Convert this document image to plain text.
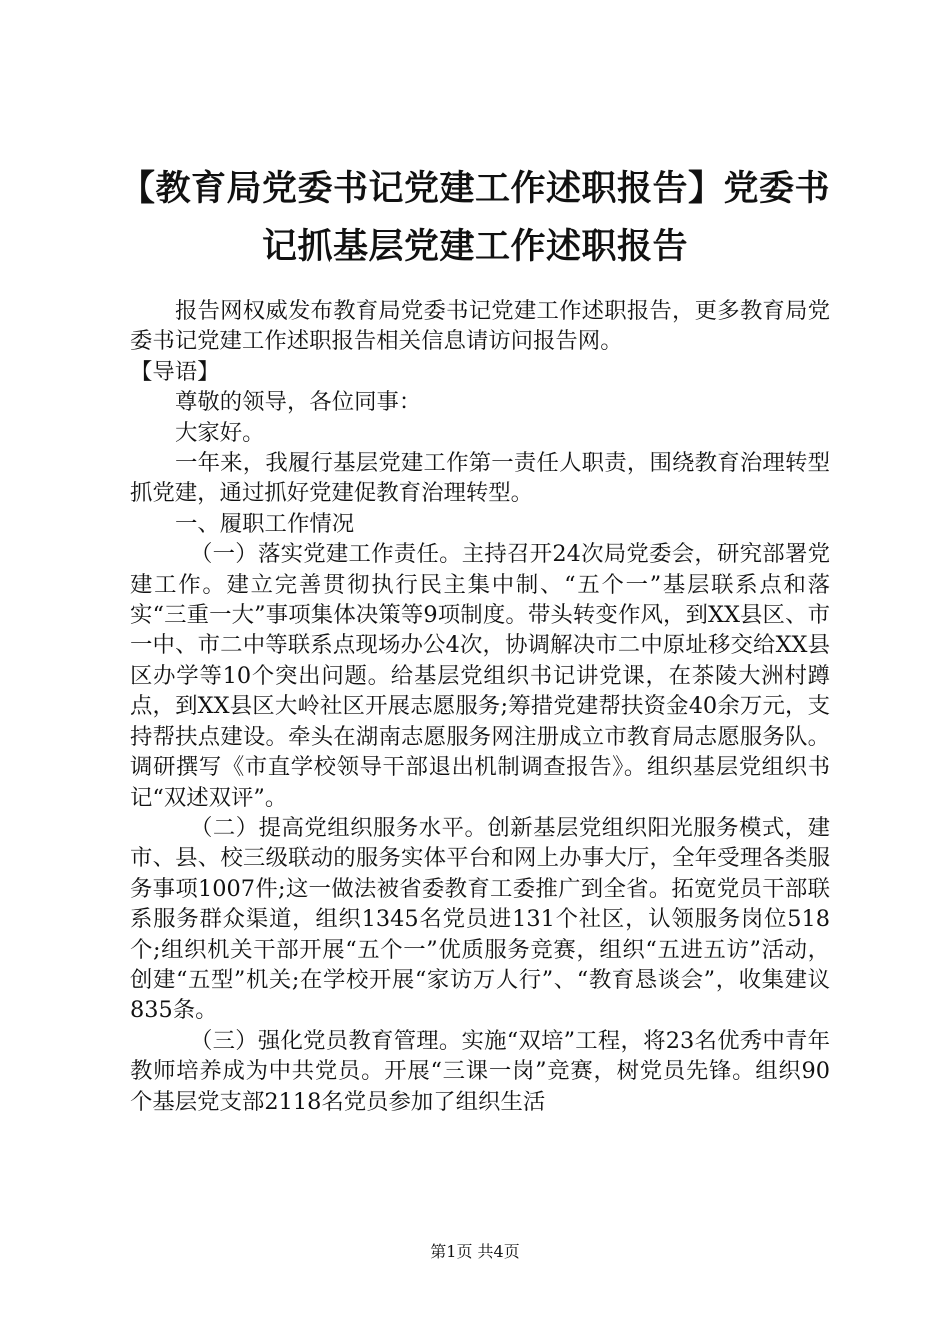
【教育局党委书记党建工作述职报告】党委书
记抓基层党建工作述职报告

报告网权威发布教育局党委书记党建工作述职报告，更多教育局党委书记党建工作述职报告相关信息请访问报告网。

【导语】

尊敬的领导，各位同事：

大家好。

一年来，我履行基层党建工作第一责任人职责，围绕教育治理转型抓党建，通过抓好党建促教育治理转型。

一、履职工作情况

（一）落实党建工作责任。主持召开24次局党委会，研究部署党建工作。建立完善贯彻执行民主集中制、“五个一”基层联系点和落实“三重一大”事项集体决策等9项制度。带头转变作风，到XX县区、市一中、市二中等联系点现场办公4次，协调解决市二中原址移交给XX县区办学等10个突出问题。给基层党组织书记讲党课，在茶陵大洲村蹲点，到XX县区大岭社区开展志愿服务;筹措党建帮扶资金40余万元，支持帮扶点建设。牵头在湖南志愿服务网注册成立市教育局志愿服务队。调研撰写《市直学校领导干部退出机制调查报告》。组织基层党组织书记“双述双评”。

（二）提高党组织服务水平。创新基层党组织阳光服务模式，建市、县、校三级联动的服务实体平台和网上办事大厅，全年受理各类服务事项1007件;这一做法被省委教育工委推广到全省。拓宽党员干部联系服务群众渠道，组织1345名党员进131个社区，认领服务岗位518个;组织机关干部开展“五个一”优质服务竞赛，组织“五进五访”活动，创建“五型”机关;在学校开展“家访万人行”、“教育恳谈会”，收集建议835条。

（三）强化党员教育管理。实施“双培”工程，将23名优秀中青年教师培养成为中共党员。开展“三课一岗”竞赛，树党员先锋。组织90个基层党支部2118名党员参加了组织生活

第1页 共4页
